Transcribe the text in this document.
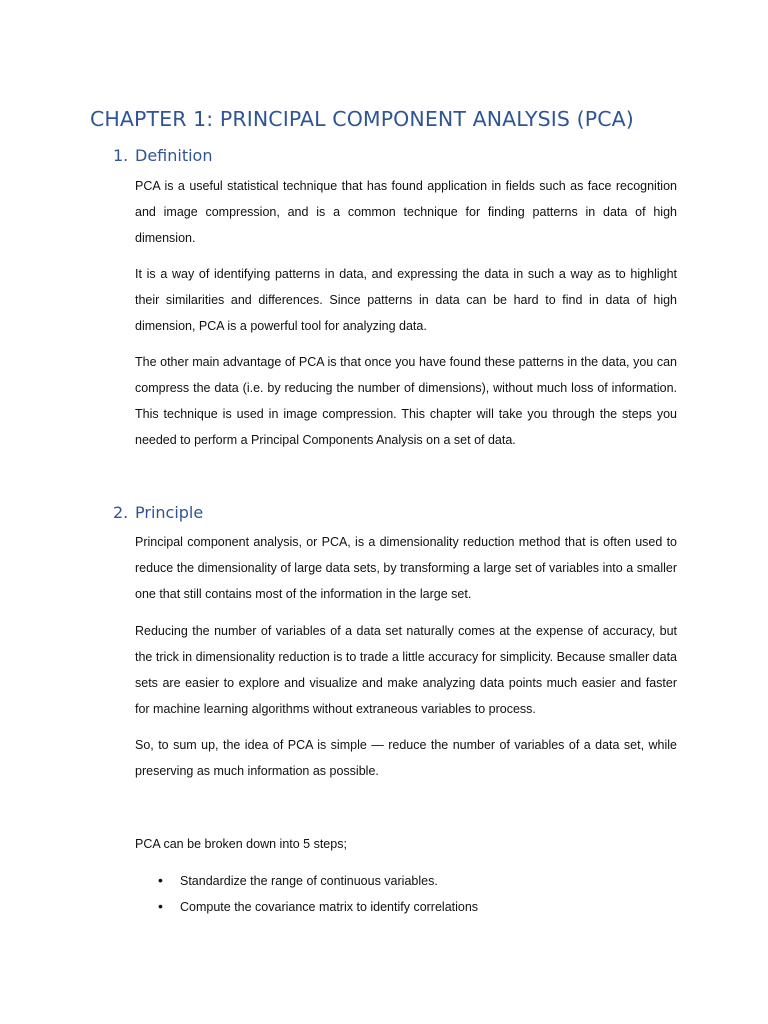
CHAPTER 1: PRINCIPAL COMPONENT ANALYSIS (PCA)
1. Definition

PCA is a useful statistical technique that has found application in fields such as face recognition and image compression, and is a common technique for finding patterns in data of high dimension.

It is a way of identifying patterns in data, and expressing the data in such a way as to highlight their similarities and differences. Since patterns in data can be hard to find in data of high dimension, PCA is a powerful tool for analyzing data.

The other main advantage of PCA is that once you have found these patterns in the data, you can compress the data (i.e. by reducing the number of dimensions), without much loss of information. This technique is used in image compression. This chapter will take you through the steps you needed to perform a Principal Components Analysis on a set of data.

2. Principle

Principal component analysis, or PCA, is a dimensionality reduction method that is often used to reduce the dimensionality of large data sets, by transforming a large set of variables into a smaller one that still contains most of the information in the large set.

Reducing the number of variables of a data set naturally comes at the expense of accuracy, but the trick in dimensionality reduction is to trade a little accuracy for simplicity. Because smaller data sets are easier to explore and visualize and make analyzing data points much easier and faster for machine learning algorithms without extraneous variables to process.

So, to sum up, the idea of PCA is simple — reduce the number of variables of a data set, while preserving as much information as possible.

PCA can be broken down into 5 steps;

• Standardize the range of continuous variables.
• Compute the covariance matrix to identify correlations
